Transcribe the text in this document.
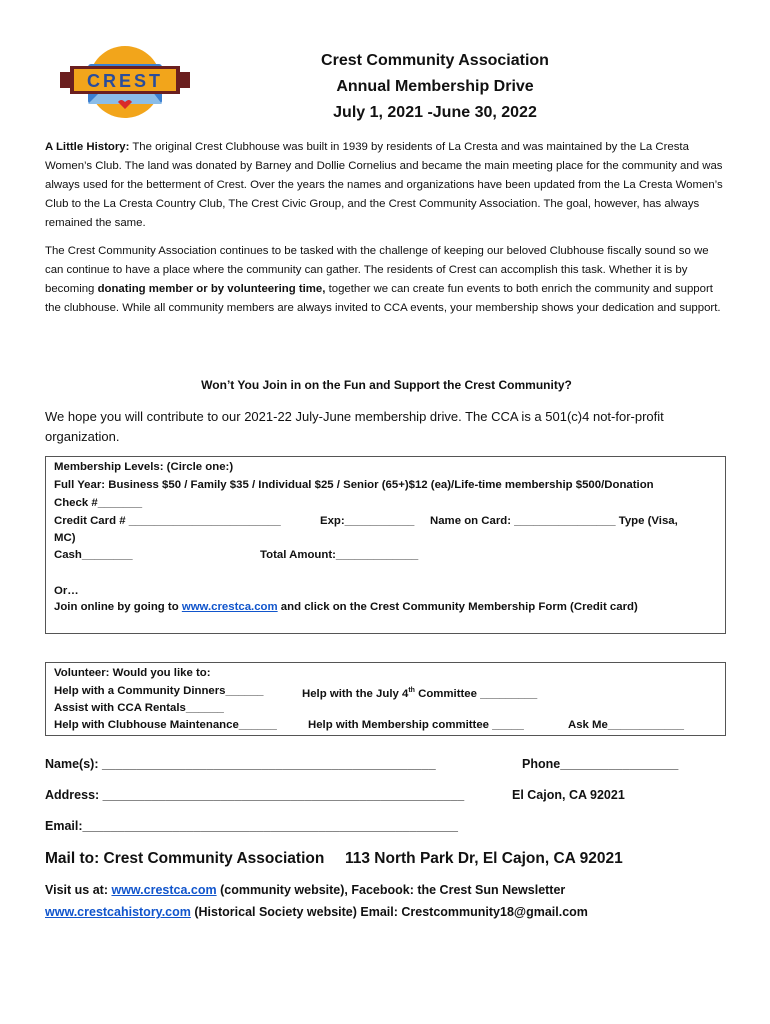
CREST
Crest Community Association
Annual Membership Drive
July 1, 2021 -June 30, 2022

A Little History: The original Crest Clubhouse was built in 1939 by residents of La Cresta and was maintained by the La Cresta Women’s Club. The land was donated by Barney and Dollie Cornelius and became the main meeting place for the community and was always used for the betterment of Crest. Over the years the names and organizations have been updated from the La Cresta Women’s Club to the La Cresta Country Club, The Crest Civic Group, and the Crest Community Association. The goal, however, has always remained the same.

The Crest Community Association continues to be tasked with the challenge of keeping our beloved Clubhouse fiscally sound so we can continue to have a place where the community can gather. The residents of Crest can accomplish this task. Whether it is by becoming donating member or by volunteering time, together we can create fun events to both enrich the community and support the clubhouse. While all community members are always invited to CCA events, your membership shows your dedication and support.

Won’t You Join in on the Fun and Support the Crest Community?

We hope you will contribute to our 2021-22 July-June membership drive. The CCA is a 501(c)4 not-for-profit organization.

Membership Levels: (Circle one:)
Full Year: Business $50 / Family $35 / Individual $25 / Senior (65+)$12 (ea)/Life-time membership $500/Donation
Check #_______
Credit Card # ________________________	Exp:___________ Name on Card: ________________ Type (Visa,
MC)
Cash________	Total Amount:_____________
Or…
Join online by going to www.crestca.com and click on the Crest Community Membership Form (Credit card)
Volunteer: Would you like to:
Help with a Community Dinners______	Help with the July 4th Committee _________
Assist with CCA Rentals______
Help with Clubhouse Maintenance______	Help with Membership committee _____	Ask Me____________
Name(s): ________________________________________________	Phone_________________
Address: ____________________________________________________	El Cajon, CA 92021
Email:______________________________________________________
Mail to: Crest Community Association 113 North Park Dr, El Cajon, CA 92021
Visit us at: www.crestca.com (community website), Facebook: the Crest Sun Newsletter
www.crestcahistory.com (Historical Society website) Email: Crestcommunity18@gmail.com
